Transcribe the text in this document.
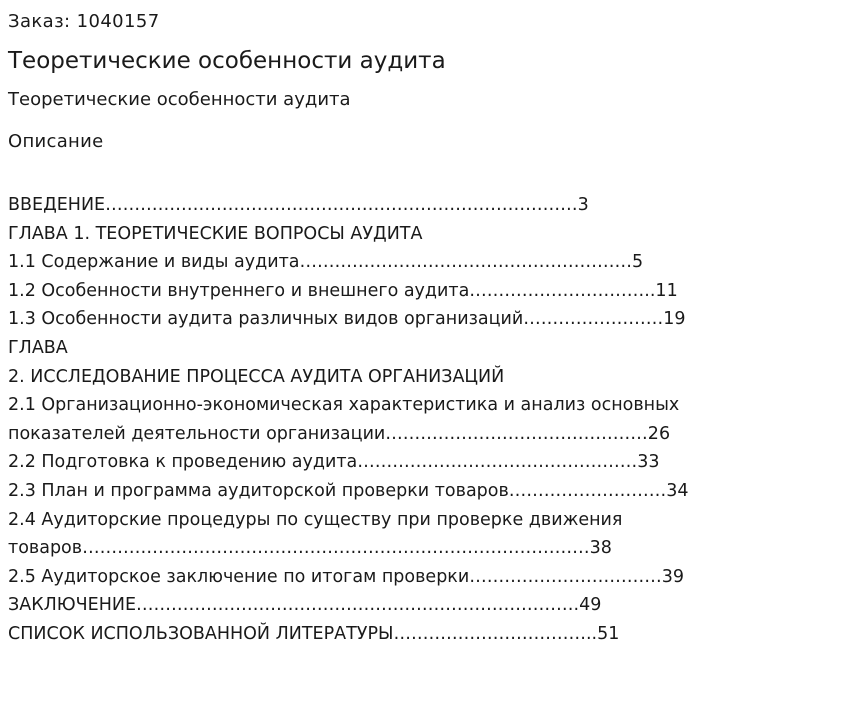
Заказ: 1040157
Теоретические особенности аудита
Теоретические особенности аудита
Описание
ВВЕДЕНИЕ………………………………………………………………………3
ГЛАВА 1. ТЕОРЕТИЧЕСКИЕ ВОПРОСЫ АУДИТА
1.1 Содержание и виды аудита…………………………………………………5
1.2 Особенности внутреннего и внешнего аудита…………………………..11
1.3 Особенности аудита различных видов организаций……………………19
ГЛАВА
2. ИССЛЕДОВАНИЕ ПРОЦЕССА АУДИТА ОРГАНИЗАЦИЙ
2.1 Организационно-экономическая характеристика и анализ основных
показателей деятельности организации………………………………………26
2.2 Подготовка к проведению аудита…………………………………………33
2.3 План и программа аудиторской проверки товаров………………………34
2.4 Аудиторские процедуры по существу при проверке движения
товаров……………………………………………………………………………38
2.5 Аудиторское заключение по итогам проверки……………………………39
ЗАКЛЮЧЕНИЕ………………………………………………………………….49
СПИСОК ИСПОЛЬЗОВАННОЙ ЛИТЕРАТУРЫ……………………………..51
